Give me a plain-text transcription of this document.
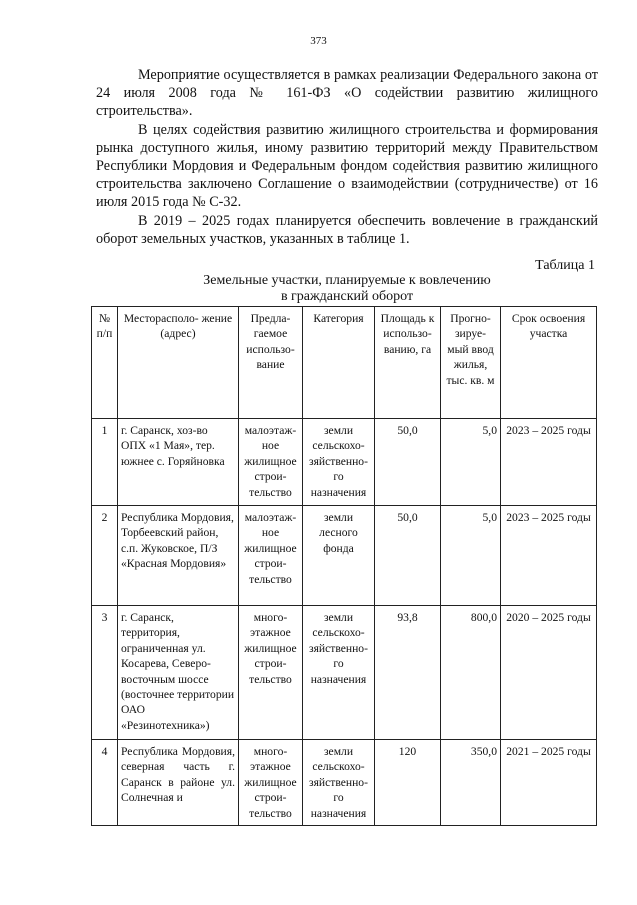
373

Мероприятие осуществляется в рамках реализации Федерального закона от 24 июля 2008 года № 161-ФЗ «О содействии развитию жилищного строительства».

В целях содействия развитию жилищного строительства и формирования рынка доступного жилья, иному развитию территорий между Правительством Республики Мордовия и Федеральным фондом содействия развитию жилищного строительства заключено Соглашение о взаимодействии (сотрудничестве) от 16 июля 2015 года № С-32.

В 2019 – 2025 годах планируется обеспечить вовлечение в гражданский оборот земельных участков, указанных в таблице 1.

Таблица 1
Земельные участки, планируемые к вовлечению
в гражданский оборот
№ п/п	Месторасполо- жение (адрес)	Предла- гаемое использо- вание	Категория	Площадь к использо- ванию, га	Прогно- зируе- мый ввод жилья, тыс. кв. м	Срок освоения участка
1	г. Саранск, хоз-во ОПХ «1 Мая», тер. южнее с. Горяйновка	малоэтаж- ное жилищное строи- тельство	земли сельскохо- зяйственно- го назначения	50,0	5,0	2023 – 2025 годы
2	Республика Мордовия, Торбеевский район, с.п. Жуковское, П/З «Красная Мордовия»	малоэтаж- ное жилищное строи- тельство	земли лесного фонда	50,0	5,0	2023 – 2025 годы
3	г. Саранск, территория, ограниченная ул. Косарева, Северо-восточным шоссе (восточнее территории ОАО «Резинотехника»)	много- этажное жилищное строи- тельство	земли сельскохо- зяйственно- го назначения	93,8	800,0	2020 – 2025 годы
4	Республика Мордовия, северная часть г. Саранск в районе ул. Солнечная и	много- этажное жилищное строи- тельство	земли сельскохо- зяйственно- го назначения	120	350,0	2021 – 2025 годы
